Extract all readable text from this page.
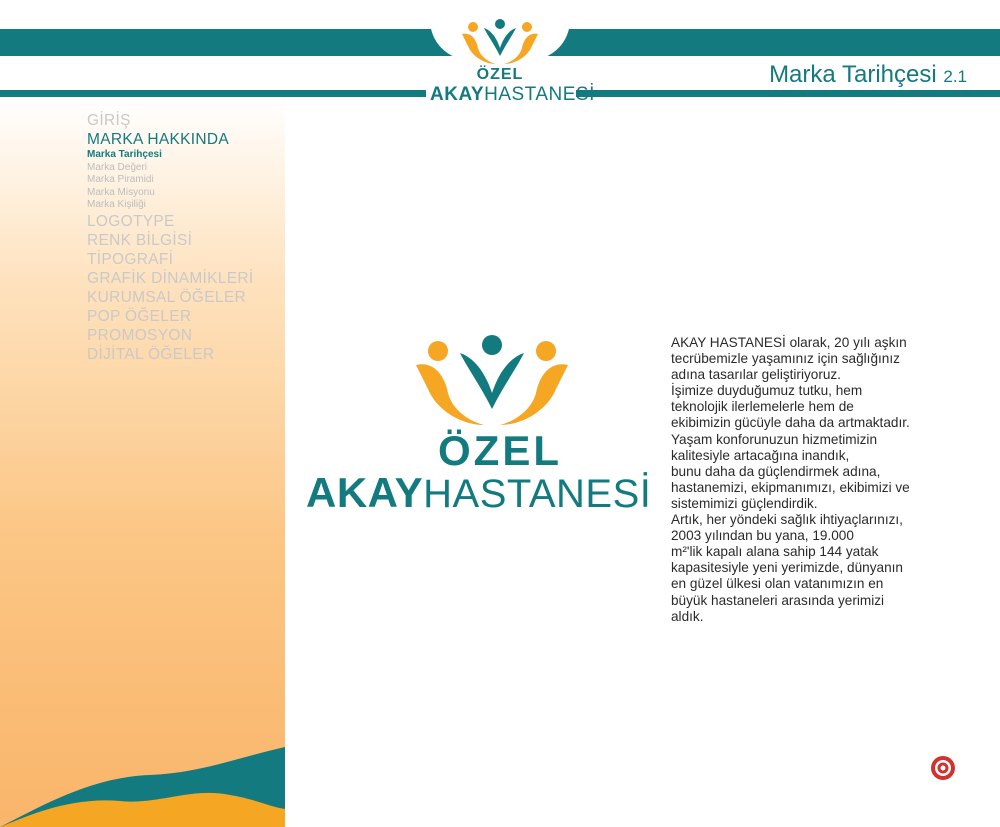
ÖZEL
AKAYHASTANESİ
Marka Tarihçesi 2.1
GİRİŞ
MARKA HAKKINDA
Marka Tarihçesi
Marka Değeri
Marka Piramidi
Marka Misyonu
Marka Kişiliği
LOGOTYPE
RENK BİLGİSİ
TİPOGRAFİ
GRAFİK DİNAMİKLERİ
KURUMSAL ÖĞELER
POP ÖĞELER
PROMOSYON
DİJİTAL ÖĞELER
ÖZEL
AKAYHASTANESİ

AKAY HASTANESİ olarak, 20 yılı aşkın

tecrübemizle yaşamınız için sağlığınız

adına tasarılar geliştiriyoruz.

İşimize duyduğumuz tutku, hem

teknolojik ilerlemelerle hem de

ekibimizin gücüyle daha da artmaktadır.

Yaşam konforunuzun hizmetimizin

kalitesiyle artacağına inandık,

bunu daha da güçlendirmek adına,

hastanemizi, ekipmanımızı, ekibimizi ve

sistemimizi güçlendirdik.

Artık, her yöndeki sağlık ihtiyaçlarınızı,

2003 yılından bu yana, 19.000

m²'lik kapalı alana sahip 144 yatak

kapasitesiyle yeni yerimizde, dünyanın

en güzel ülkesi olan vatanımızın en

büyük hastaneleri arasında yerimizi

aldık.
